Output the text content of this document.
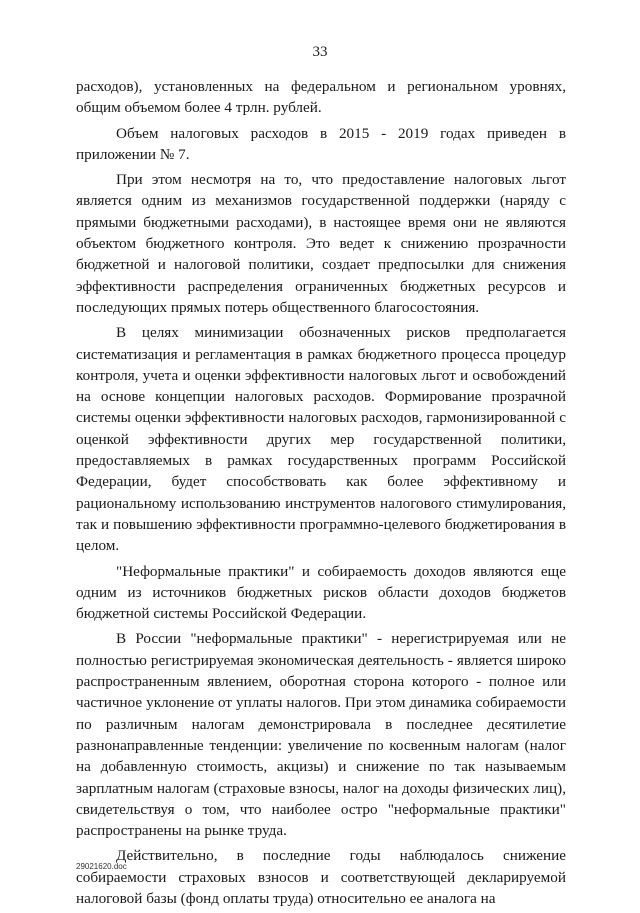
33

расходов), установленных на федеральном и региональном уровнях, общим объемом более 4 трлн. рублей.

Объем налоговых расходов в 2015 - 2019 годах приведен в приложении № 7.

При этом несмотря на то, что предоставление налоговых льгот является одним из механизмов государственной поддержки (наряду с прямыми бюджетными расходами), в настоящее время они не являются объектом бюджетного контроля. Это ведет к снижению прозрачности бюджетной и налоговой политики, создает предпосылки для снижения эффективности распределения ограниченных бюджетных ресурсов и последующих прямых потерь общественного благосостояния.

В целях минимизации обозначенных рисков предполагается систематизация и регламентация в рамках бюджетного процесса процедур контроля, учета и оценки эффективности налоговых льгот и освобождений на основе концепции налоговых расходов. Формирование прозрачной системы оценки эффективности налоговых расходов, гармонизированной с оценкой эффективности других мер государственной политики, предоставляемых в рамках государственных программ Российской Федерации, будет способствовать как более эффективному и рациональному использованию инструментов налогового стимулирования, так и повышению эффективности программно-целевого бюджетирования в целом.

"Неформальные практики" и собираемость доходов являются еще одним из источников бюджетных рисков области доходов бюджетов бюджетной системы Российской Федерации.

В России "неформальные практики" - нерегистрируемая или не полностью регистрируемая экономическая деятельность - является широко распространенным явлением, оборотная сторона которого - полное или частичное уклонение от уплаты налогов. При этом динамика собираемости по различным налогам демонстрировала в последнее десятилетие разнонаправленные тенденции: увеличение по косвенным налогам (налог на добавленную стоимость, акцизы) и снижение по так называемым зарплатным налогам (страховые взносы, налог на доходы физических лиц), свидетельствуя о том, что наиболее остро "неформальные практики" распространены на рынке труда.

Действительно, в последние годы наблюдалось снижение собираемости страховых взносов и соответствующей декларируемой налоговой базы (фонд оплаты труда) относительно ее аналога на

29021620.doc
